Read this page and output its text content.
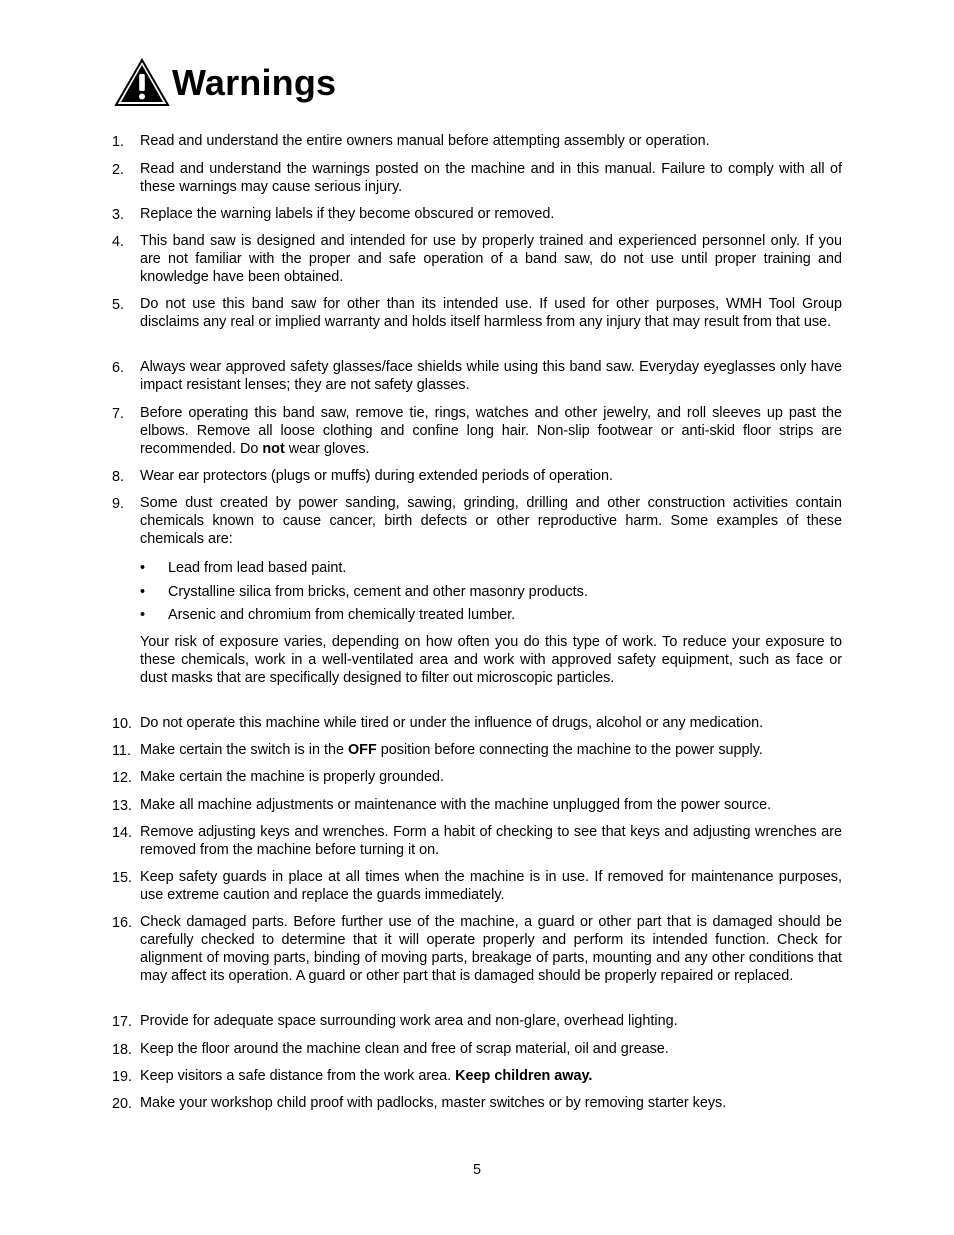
Warnings
1.	Read and understand the entire owners manual before attempting assembly or operation.
2.	Read and understand the warnings posted on the machine and in this manual. Failure to comply with all of these warnings may cause serious injury.
3.	Replace the warning labels if they become obscured or removed.
4.	This band saw is designed and intended for use by properly trained and experienced personnel only. If you are not familiar with the proper and safe operation of a band saw, do not use until proper training and knowledge have been obtained.
5.	Do not use this band saw for other than its intended use. If used for other purposes, WMH Tool Group disclaims any real or implied warranty and holds itself harmless from any injury that may result from that use.
6.	Always wear approved safety glasses/face shields while using this band saw. Everyday eyeglasses only have impact resistant lenses; they are not safety glasses.
7.	Before operating this band saw, remove tie, rings, watches and other jewelry, and roll sleeves up past the elbows. Remove all loose clothing and confine long hair. Non-slip footwear or anti-skid floor strips are recommended. Do not wear gloves.
8.	Wear ear protectors (plugs or muffs) during extended periods of operation.
9.	Some dust created by power sanding, sawing, grinding, drilling and other construction activities contain chemicals known to cause cancer, birth defects or other reproductive harm. Some examples of these chemicals are:
• Lead from lead based paint.
• Crystalline silica from bricks, cement and other masonry products.
• Arsenic and chromium from chemically treated lumber.
Your risk of exposure varies, depending on how often you do this type of work. To reduce your exposure to these chemicals, work in a well-ventilated area and work with approved safety equipment, such as face or dust masks that are specifically designed to filter out microscopic particles.
10. Do not operate this machine while tired or under the influence of drugs, alcohol or any medication.
11. Make certain the switch is in the OFF position before connecting the machine to the power supply.
12. Make certain the machine is properly grounded.
13. Make all machine adjustments or maintenance with the machine unplugged from the power source.
14. Remove adjusting keys and wrenches. Form a habit of checking to see that keys and adjusting wrenches are removed from the machine before turning it on.
15. Keep safety guards in place at all times when the machine is in use. If removed for maintenance purposes, use extreme caution and replace the guards immediately.
16. Check damaged parts. Before further use of the machine, a guard or other part that is damaged should be carefully checked to determine that it will operate properly and perform its intended function. Check for alignment of moving parts, binding of moving parts, breakage of parts, mounting and any other conditions that may affect its operation. A guard or other part that is damaged should be properly repaired or replaced.
17. Provide for adequate space surrounding work area and non-glare, overhead lighting.
18. Keep the floor around the machine clean and free of scrap material, oil and grease.
19. Keep visitors a safe distance from the work area. Keep children away.
20. Make your workshop child proof with padlocks, master switches or by removing starter keys.
5
